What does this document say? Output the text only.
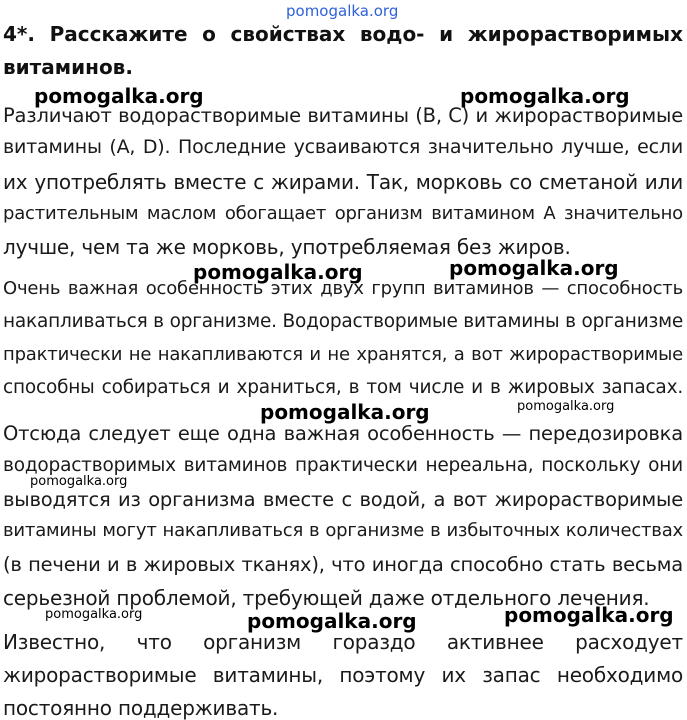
pomogalka.org

4*. Расскажите о свойствах водо- и жирорастворимых

витаминов.

Различают водорастворимые витамины (В, С) и жирорастворимые

витамины (А, D). Последние усваиваются значительно лучше, если

их употреблять вместе с жирами. Так, морковь со сметаной или

растительным маслом обогащает организм витамином А значительно

лучше, чем та же морковь, употребляемая без жиров.

Очень важная особенность этих двух групп витаминов — способность

накапливаться в организме. Водорастворимые витамины в организме

практически не накапливаются и не хранятся, а вот жирорастворимые

способны собираться и храниться, в том числе и в жировых запасах.

Отсюда следует еще одна важная особенность — передозировка

водорастворимых витаминов практически нереальна, поскольку они

выводятся из организма вместе с водой, а вот жирорастворимые

витамины могут накапливаться в организме в избыточных количествах

(в печени и в жировых тканях), что иногда способно стать весьма

серьезной проблемой, требующей даже отдельного лечения.

Известно, что организм гораздо активнее расходует

жирорастворимые витамины, поэтому их запас необходимо

постоянно поддерживать.

pomogalka.org	pomogalka.org

pomogalka.org	pomogalka.org

pomogalka.org	pomogalka.org

pomogalka.org

pomogalka.org	pomogalka.org	pomogalka.org
